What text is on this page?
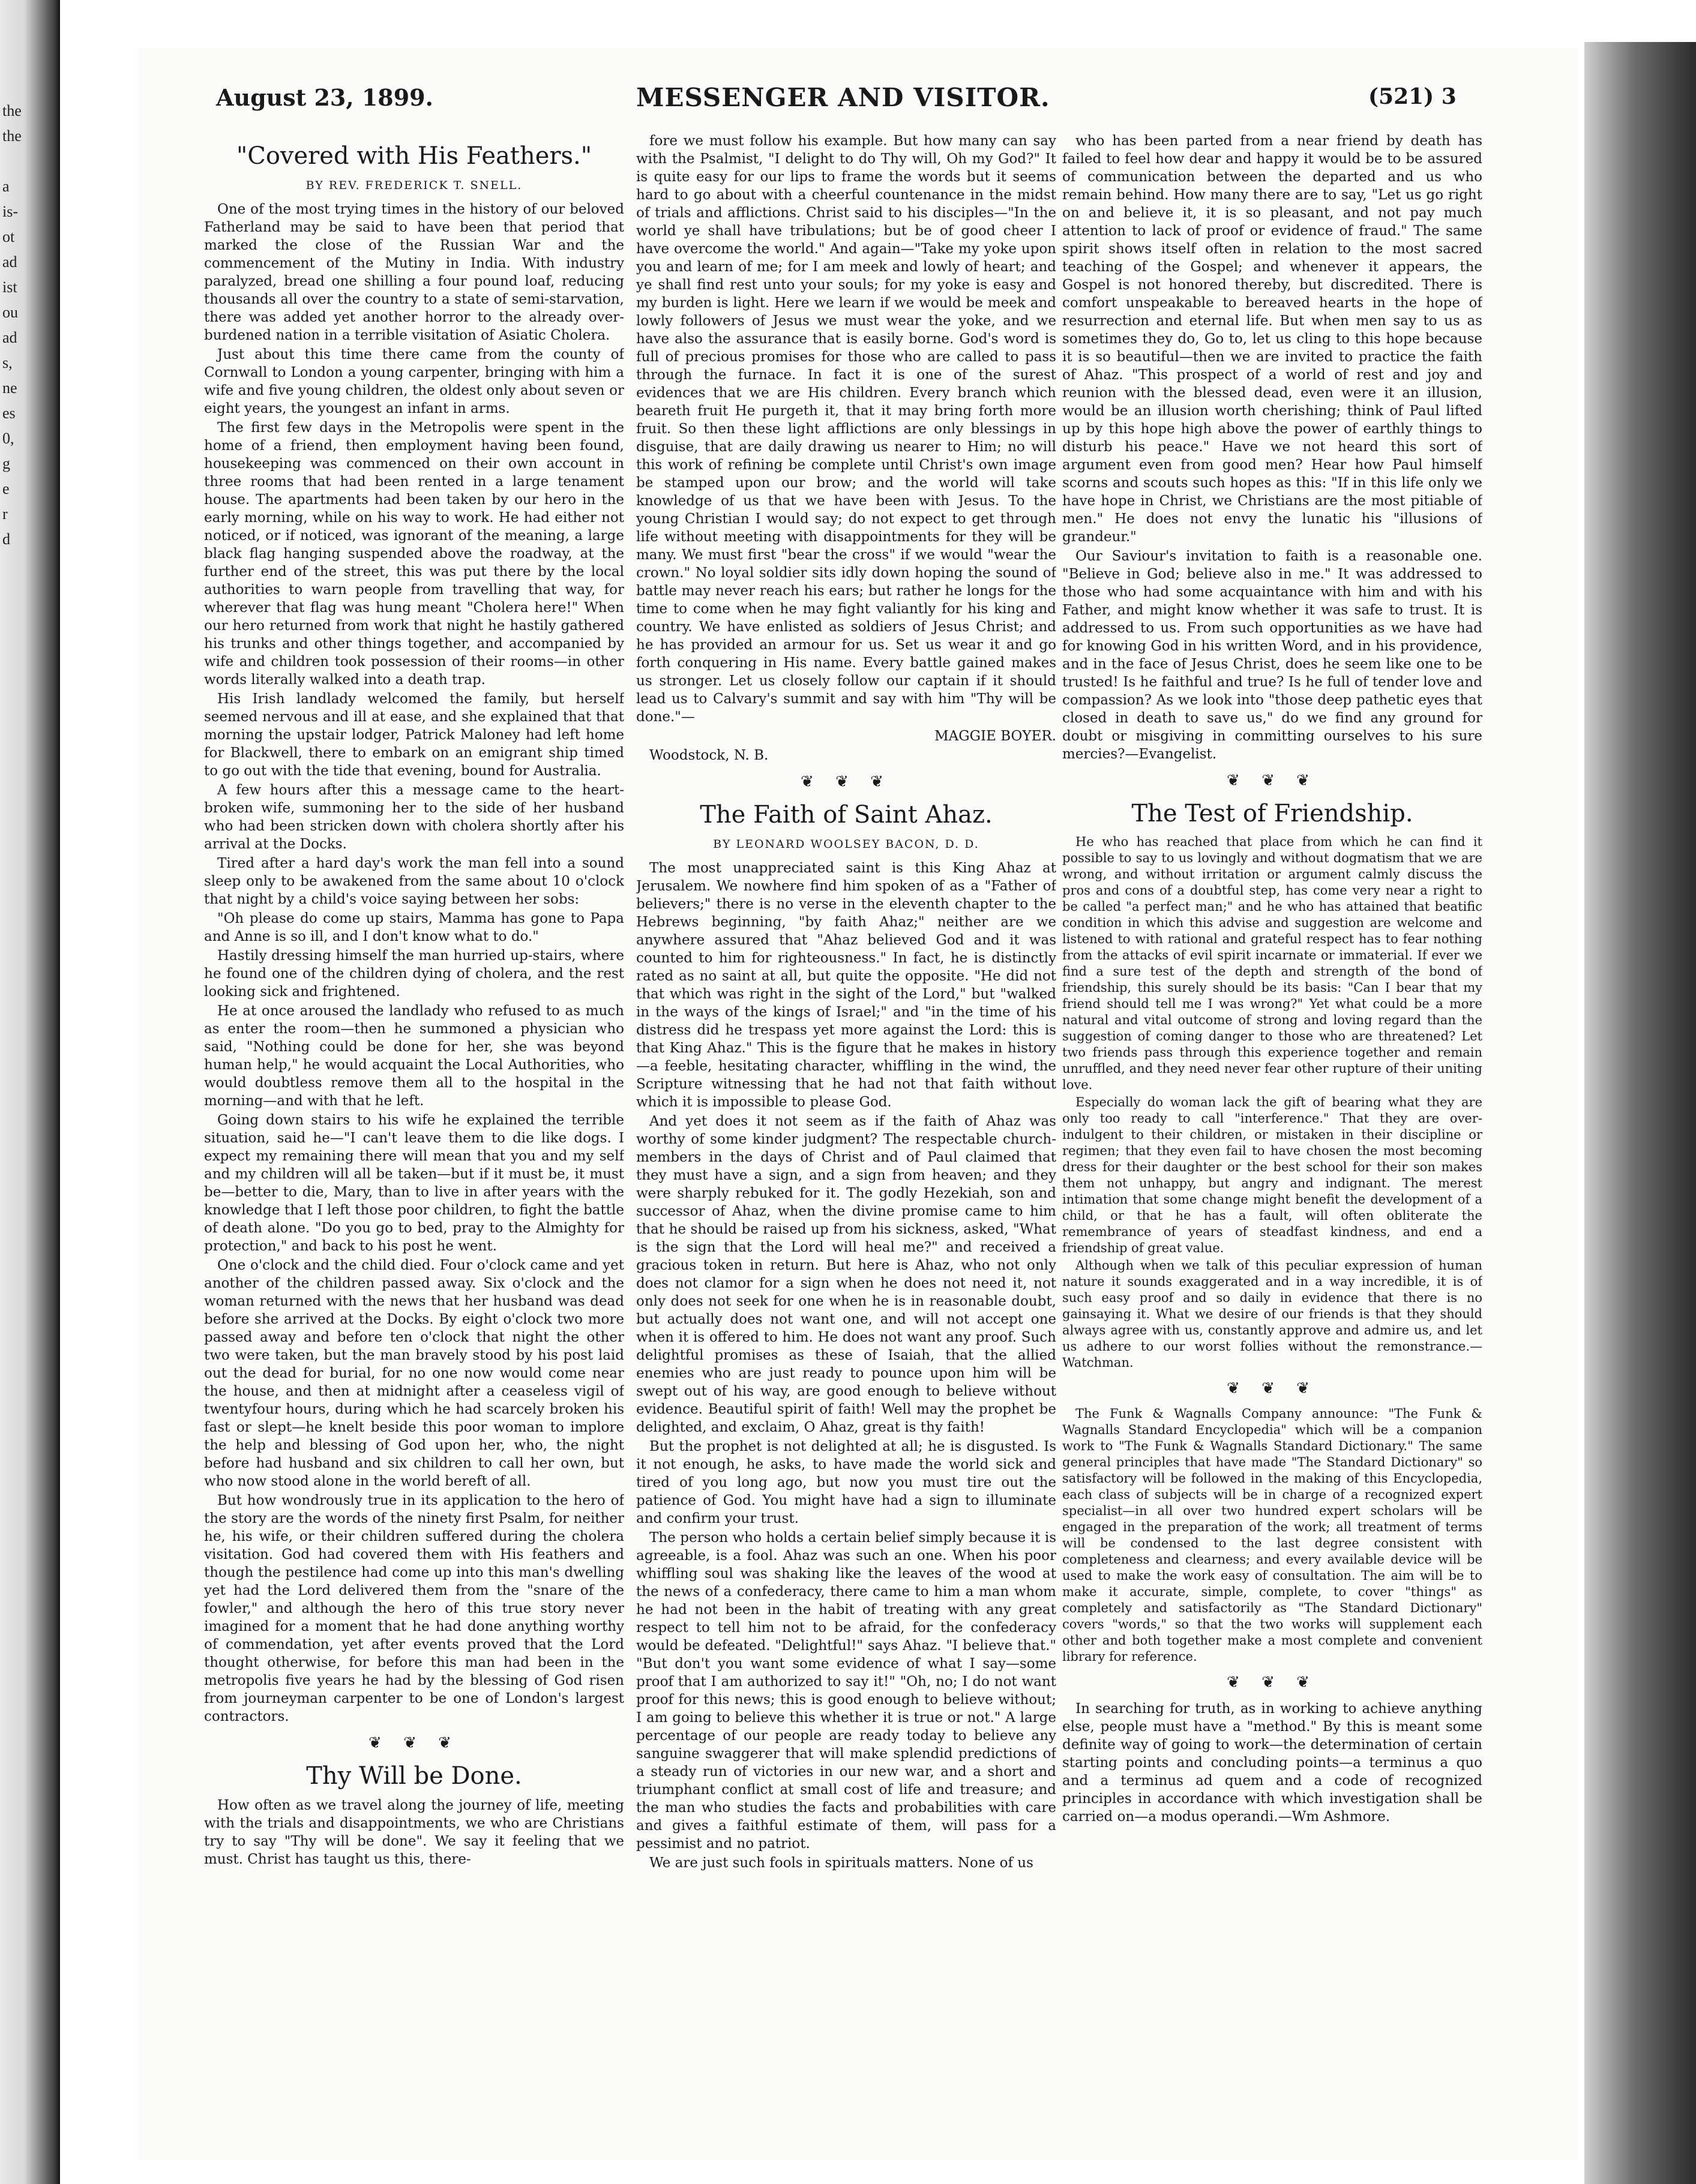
August 23, 1899.	MESSENGER AND VISITOR.	(521) 3
"Covered with His Feathers."

BY REV. FREDERICK T. SNELL.

One of the most trying times in the history of our beloved Fatherland may be said to have been that period that marked the close of the Russian War and the commencement of the Mutiny in India. With industry paralyzed, bread one shilling a four pound loaf, reducing thousands all over the country to a state of semi-starvation, there was added yet another horror to the already over-burdened nation in a terrible visitation of Asiatic Cholera.

Just about this time there came from the county of Cornwall to London a young carpenter, bringing with him a wife and five young children, the oldest only about seven or eight years, the youngest an infant in arms.

The first few days in the Metropolis were spent in the home of a friend, then employment having been found, housekeeping was commenced on their own account in three rooms that had been rented in a large tenament house. The apartments had been taken by our hero in the early morning, while on his way to work. He had either not noticed, or if noticed, was ignorant of the meaning, a large black flag hanging suspended above the roadway, at the further end of the street, this was put there by the local authorities to warn people from travelling that way, for wherever that flag was hung meant "Cholera here!" When our hero returned from work that night he hastily gathered his trunks and other things together, and accompanied by wife and children took possession of their rooms—in other words literally walked into a death trap.

His Irish landlady welcomed the family, but herself seemed nervous and ill at ease, and she explained that that morning the upstair lodger, Patrick Maloney had left home for Blackwell, there to embark on an emigrant ship timed to go out with the tide that evening, bound for Australia.

A few hours after this a message came to the heart-broken wife, summoning her to the side of her husband who had been stricken down with cholera shortly after his arrival at the Docks.

Tired after a hard day's work the man fell into a sound sleep only to be awakened from the same about 10 o'clock that night by a child's voice saying between her sobs:

"Oh please do come up stairs, Mamma has gone to Papa and Anne is so ill, and I don't know what to do."

Hastily dressing himself the man hurried up-stairs, where he found one of the children dying of cholera, and the rest looking sick and frightened.

He at once aroused the landlady who refused to as much as enter the room—then he summoned a physician who said, "Nothing could be done for her, she was beyond human help," he would acquaint the Local Authorities, who would doubtless remove them all to the hospital in the morning—and with that he left.

Going down stairs to his wife he explained the terrible situation, said he—"I can't leave them to die like dogs. I expect my remaining there will mean that you and my self and my children will all be taken—but if it must be, it must be—better to die, Mary, than to live in after years with the knowledge that I left those poor children, to fight the battle of death alone. "Do you go to bed, pray to the Almighty for protection," and back to his post he went.

One o'clock and the child died. Four o'clock came and yet another of the children passed away. Six o'clock and the woman returned with the news that her husband was dead before she arrived at the Docks. By eight o'clock two more passed away and before ten o'clock that night the other two were taken, but the man bravely stood by his post laid out the dead for burial, for no one now would come near the house, and then at midnight after a ceaseless vigil of twentyfour hours, during which he had scarcely broken his fast or slept—he knelt beside this poor woman to implore the help and blessing of God upon her, who, the night before had husband and six children to call her own, but who now stood alone in the world bereft of all.

But how wondrously true in its application to the hero of the story are the words of the ninety first Psalm, for neither he, his wife, or their children suffered during the cholera visitation. God had covered them with His feathers and though the pestilence had come up into this man's dwelling yet had the Lord delivered them from the "snare of the fowler," and although the hero of this true story never imagined for a moment that he had done anything worthy of commendation, yet after events proved that the Lord thought otherwise, for before this man had been in the metropolis five years he had by the blessing of God risen from journeyman carpenter to be one of London's largest contractors.

❦ ❦ ❦

Thy Will be Done.

How often as we travel along the journey of life, meeting with the trials and disappointments, we who are Christians try to say "Thy will be done". We say it feeling that we must. Christ has taught us this, there-

fore we must follow his example. But how many can say with the Psalmist, "I delight to do Thy will, Oh my God?" It is quite easy for our lips to frame the words but it seems hard to go about with a cheerful countenance in the midst of trials and afflictions. Christ said to his disciples—"In the world ye shall have tribulations; but be of good cheer I have overcome the world." And again—"Take my yoke upon you and learn of me; for I am meek and lowly of heart; and ye shall find rest unto your souls; for my yoke is easy and my burden is light. Here we learn if we would be meek and lowly followers of Jesus we must wear the yoke, and we have also the assurance that is easily borne. God's word is full of precious promises for those who are called to pass through the furnace. In fact it is one of the surest evidences that we are His children. Every branch which beareth fruit He purgeth it, that it may bring forth more fruit. So then these light afflictions are only blessings in disguise, that are daily drawing us nearer to Him; no will this work of refining be complete until Christ's own image be stamped upon our brow; and the world will take knowledge of us that we have been with Jesus. To the young Christian I would say; do not expect to get through life without meeting with disappointments for they will be many. We must first "bear the cross" if we would "wear the crown." No loyal soldier sits idly down hoping the sound of battle may never reach his ears; but rather he longs for the time to come when he may fight valiantly for his king and country. We have enlisted as soldiers of Jesus Christ; and he has provided an armour for us. Set us wear it and go forth conquering in His name. Every battle gained makes us stronger. Let us closely follow our captain if it should lead us to Calvary's summit and say with him "Thy will be done."—

MAGGIE BOYER.

Woodstock, N. B.

❦ ❦ ❦

The Faith of Saint Ahaz.

BY LEONARD WOOLSEY BACON, D. D.

The most unappreciated saint is this King Ahaz at Jerusalem. We nowhere find him spoken of as a "Father of believers;" there is no verse in the eleventh chapter to the Hebrews beginning, "by faith Ahaz;" neither are we anywhere assured that "Ahaz believed God and it was counted to him for righteousness." In fact, he is distinctly rated as no saint at all, but quite the opposite. "He did not that which was right in the sight of the Lord," but "walked in the ways of the kings of Israel;" and "in the time of his distress did he trespass yet more against the Lord: this is that King Ahaz." This is the figure that he makes in history—a feeble, hesitating character, whiffling in the wind, the Scripture witnessing that he had not that faith without which it is impossible to please God.

And yet does it not seem as if the faith of Ahaz was worthy of some kinder judgment? The respectable church-members in the days of Christ and of Paul claimed that they must have a sign, and a sign from heaven; and they were sharply rebuked for it. The godly Hezekiah, son and successor of Ahaz, when the divine promise came to him that he should be raised up from his sickness, asked, "What is the sign that the Lord will heal me?" and received a gracious token in return. But here is Ahaz, who not only does not clamor for a sign when he does not need it, not only does not seek for one when he is in reasonable doubt, but actually does not want one, and will not accept one when it is offered to him. He does not want any proof. Such delightful promises as these of Isaiah, that the allied enemies who are just ready to pounce upon him will be swept out of his way, are good enough to believe without evidence. Beautiful spirit of faith! Well may the prophet be delighted, and exclaim, O Ahaz, great is thy faith!

But the prophet is not delighted at all; he is disgusted. Is it not enough, he asks, to have made the world sick and tired of you long ago, but now you must tire out the patience of God. You might have had a sign to illuminate and confirm your trust.

The person who holds a certain belief simply because it is agreeable, is a fool. Ahaz was such an one. When his poor whiffling soul was shaking like the leaves of the wood at the news of a confederacy, there came to him a man whom he had not been in the habit of treating with any great respect to tell him not to be afraid, for the confederacy would be defeated. "Delightful!" says Ahaz. "I believe that." "But don't you want some evidence of what I say—some proof that I am authorized to say it!" "Oh, no; I do not want proof for this news; this is good enough to believe without; I am going to believe this whether it is true or not." A large percentage of our people are ready today to believe any sanguine swaggerer that will make splendid predictions of a steady run of victories in our new war, and a short and triumphant conflict at small cost of life and treasure; and the man who studies the facts and probabilities with care and gives a faithful estimate of them, will pass for a pessimist and no patriot.

We are just such fools in spirituals matters. None of us

who has been parted from a near friend by death has failed to feel how dear and happy it would be to be assured of communication between the departed and us who remain behind. How many there are to say, "Let us go right on and believe it, it is so pleasant, and not pay much attention to lack of proof or evidence of fraud." The same spirit shows itself often in relation to the most sacred teaching of the Gospel; and whenever it appears, the Gospel is not honored thereby, but discredited. There is comfort unspeakable to bereaved hearts in the hope of resurrection and eternal life. But when men say to us as sometimes they do, Go to, let us cling to this hope because it is so beautiful—then we are invited to practice the faith of Ahaz. "This prospect of a world of rest and joy and reunion with the blessed dead, even were it an illusion, would be an illusion worth cherishing; think of Paul lifted up by this hope high above the power of earthly things to disturb his peace." Have we not heard this sort of argument even from good men? Hear how Paul himself scorns and scouts such hopes as this: "If in this life only we have hope in Christ, we Christians are the most pitiable of men." He does not envy the lunatic his "illusions of grandeur."

Our Saviour's invitation to faith is a reasonable one. "Believe in God; believe also in me." It was addressed to those who had some acquaintance with him and with his Father, and might know whether it was safe to trust. It is addressed to us. From such opportunities as we have had for knowing God in his written Word, and in his providence, and in the face of Jesus Christ, does he seem like one to be trusted! Is he faithful and true? Is he full of tender love and compassion? As we look into "those deep pathetic eyes that closed in death to save us," do we find any ground for doubt or misgiving in committing ourselves to his sure mercies?—Evangelist.

❦ ❦ ❦

The Test of Friendship.

He who has reached that place from which he can find it possible to say to us lovingly and without dogmatism that we are wrong, and without irritation or argument calmly discuss the pros and cons of a doubtful step, has come very near a right to be called "a perfect man;" and he who has attained that beatific condition in which this advise and suggestion are welcome and listened to with rational and grateful respect has to fear nothing from the attacks of evil spirit incarnate or immaterial. If ever we find a sure test of the depth and strength of the bond of friendship, this surely should be its basis: "Can I bear that my friend should tell me I was wrong?" Yet what could be a more natural and vital outcome of strong and loving regard than the suggestion of coming danger to those who are threatened? Let two friends pass through this experience together and remain unruffled, and they need never fear other rupture of their uniting love.

Especially do woman lack the gift of bearing what they are only too ready to call "interference." That they are over-indulgent to their children, or mistaken in their discipline or regimen; that they even fail to have chosen the most becoming dress for their daughter or the best school for their son makes them not unhappy, but angry and indignant. The merest intimation that some change might benefit the development of a child, or that he has a fault, will often obliterate the remembrance of years of steadfast kindness, and end a friendship of great value.

Although when we talk of this peculiar expression of human nature it sounds exaggerated and in a way incredible, it is of such easy proof and so daily in evidence that there is no gainsaying it. What we desire of our friends is that they should always agree with us, constantly approve and admire us, and let us adhere to our worst follies without the remonstrance.—Watchman.

❦ ❦ ❦

The Funk & Wagnalls Company announce: "The Funk & Wagnalls Standard Encyclopedia" which will be a companion work to "The Funk & Wagnalls Standard Dictionary." The same general principles that have made "The Standard Dictionary" so satisfactory will be followed in the making of this Encyclopedia, each class of subjects will be in charge of a recognized expert specialist—in all over two hundred expert scholars will be engaged in the preparation of the work; all treatment of terms will be condensed to the last degree consistent with completeness and clearness; and every available device will be used to make the work easy of consultation. The aim will be to make it accurate, simple, complete, to cover "things" as completely and satisfactorily as "The Standard Dictionary" covers "words," so that the two works will supplement each other and both together make a most complete and convenient library for reference.

❦ ❦ ❦

In searching for truth, as in working to achieve anything else, people must have a "method." By this is meant some definite way of going to work—the determination of certain starting points and concluding points—a terminus a quo and a terminus ad quem and a code of recognized principles in accordance with which investigation shall be carried on—a modus operandi.—Wm Ashmore.

the
the
a
is-
ot
ad
ist
ou
ad
s,
ne
es
0,
g
e
r
d
